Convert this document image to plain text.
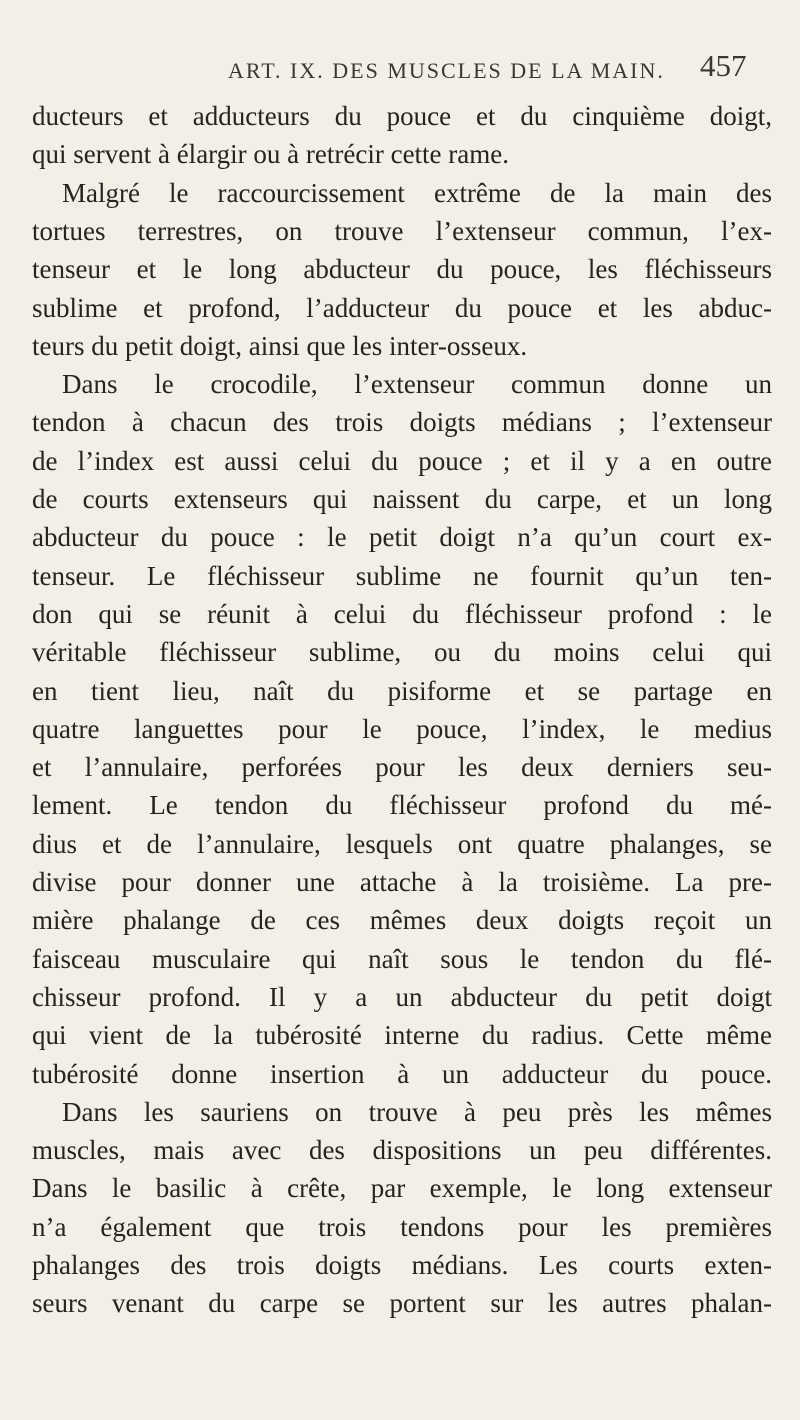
ART. IX. DES MUSCLES DE LA MAIN. 457
ducteurs et adducteurs du pouce et du cinquième doigt,
qui servent à élargir ou à retrécir cette rame.
Malgré le raccourcissement extrême de la main des
tortues terrestres, on trouve l’extenseur commun, l’ex-
tenseur et le long abducteur du pouce, les fléchisseurs
sublime et profond, l’adducteur du pouce et les abduc-
teurs du petit doigt, ainsi que les inter-osseux.
Dans le crocodile, l’extenseur commun donne un
tendon à chacun des trois doigts médians ; l’extenseur
de l’index est aussi celui du pouce ; et il y a en outre
de courts extenseurs qui naissent du carpe, et un long
abducteur du pouce : le petit doigt n’a qu’un court ex-
tenseur. Le fléchisseur sublime ne fournit qu’un ten-
don qui se réunit à celui du fléchisseur profond : le
véritable fléchisseur sublime, ou du moins celui qui
en tient lieu, naît du pisiforme et se partage en
quatre languettes pour le pouce, l’index, le medius
et l’annulaire, perforées pour les deux derniers seu-
lement. Le tendon du fléchisseur profond du mé-
dius et de l’annulaire, lesquels ont quatre phalanges, se
divise pour donner une attache à la troisième. La pre-
mière phalange de ces mêmes deux doigts reçoit un
faisceau musculaire qui naît sous le tendon du flé-
chisseur profond. Il y a un abducteur du petit doigt
qui vient de la tubérosité interne du radius. Cette même
tubérosité donne insertion à un adducteur du pouce.
Dans les sauriens on trouve à peu près les mêmes
muscles, mais avec des dispositions un peu différentes.
Dans le basilic à crête, par exemple, le long extenseur
n’a également que trois tendons pour les premières
phalanges des trois doigts médians. Les courts exten-
seurs venant du carpe se portent sur les autres phalan-
